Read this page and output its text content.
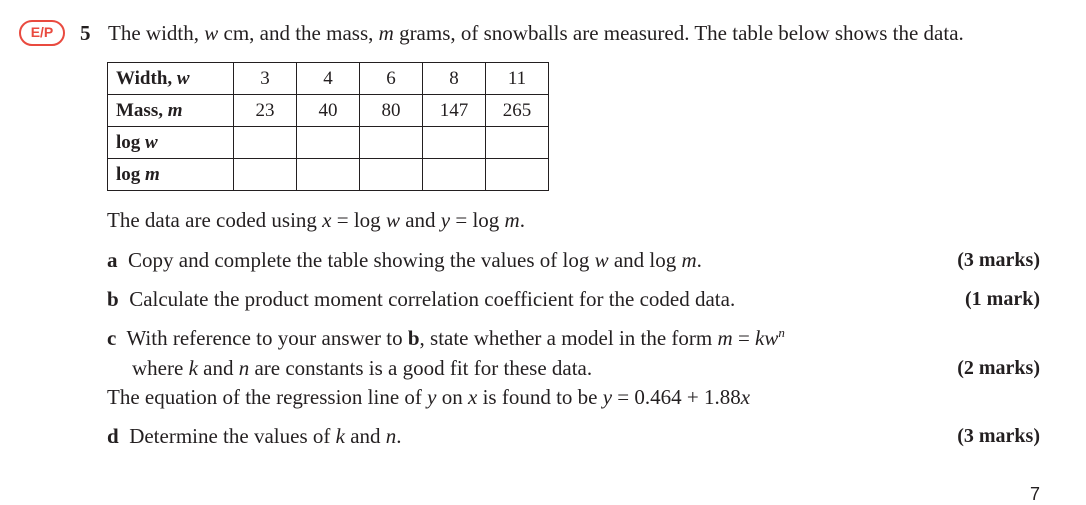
E/P	5 The width, w cm, and the mass, m grams, of snowballs are measured. The table below shows the data.
Width, w	3	4	6	8	11
Mass, m	23	40	80	147	265
log w					
log m					
The data are coded using x = log w and y = log m.
a Copy and complete the table showing the values of log w and log m.	(3 marks)
b Calculate the product moment correlation coefficient for the coded data.	(1 mark)
c With reference to your answer to b, state whether a model in the form $m = kw^n$
where k and n are constants is a good fit for these data.	(2 marks)
The equation of the regression line of y on x is found to be y = 0.464 + 1.88x
d Determine the values of k and n.	(3 marks)
7
